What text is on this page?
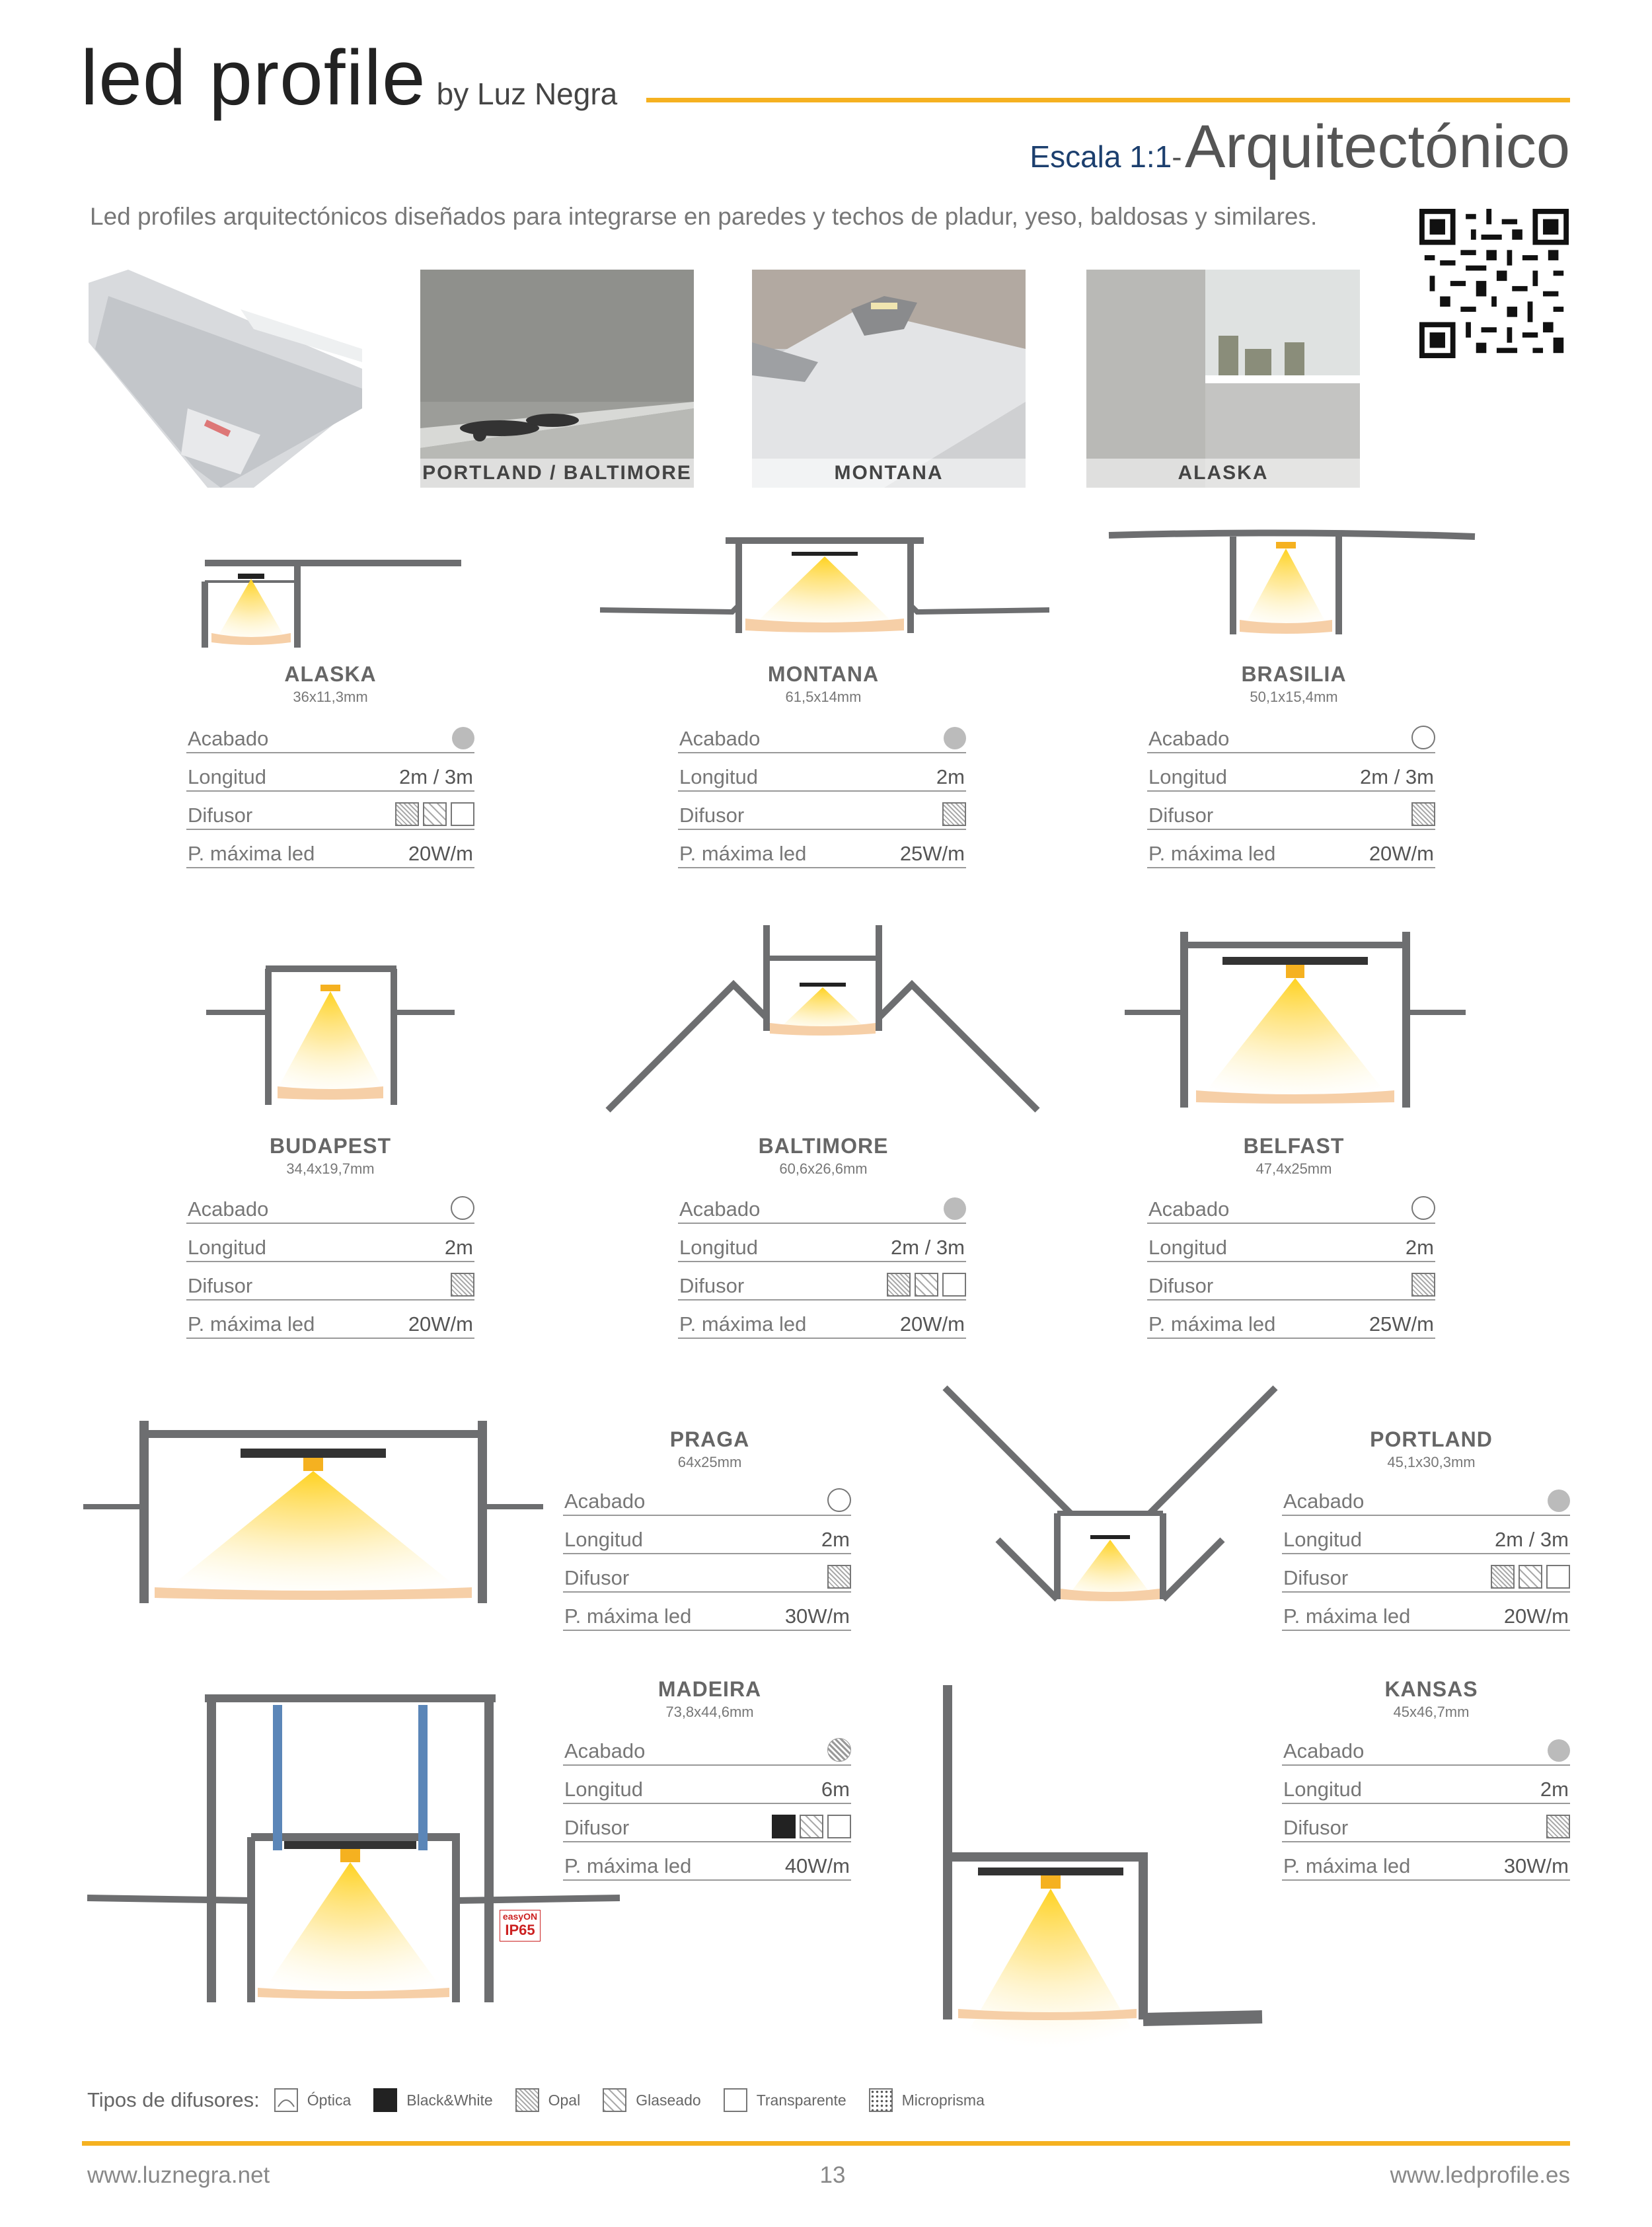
led profile by Luz Negra
Escala 1:1- Arquitectónico
Led profiles arquitectónicos diseñados para integrarse en paredes y techos de pladur, yeso, baldosas y similares.
PORTLAND / BALTIMORE	MONTANA	ALASKA
easyON
IP65
ALASKA
36x11,3mm
MONTANA
61,5x14mm
BRASILIA
50,1x15,4mm
BUDAPEST
34,4x19,7mm
BALTIMORE
60,6x26,6mm
BELFAST
47,4x25mm
PRAGA
64x25mm
PORTLAND
45,1x30,3mm
MADEIRA
73,8x44,6mm
KANSAS
45x46,7mm
Acabado
Longitud	2m / 3m
Difusor
P. máxima led	20W/m
Acabado
Longitud	2m
Difusor
P. máxima led	25W/m
Acabado
Longitud	2m / 3m
Difusor
P. máxima led	20W/m
Acabado
Longitud	2m
Difusor
P. máxima led	20W/m
Acabado
Longitud	2m / 3m
Difusor
P. máxima led	20W/m
Acabado
Longitud	2m
Difusor
P. máxima led	25W/m
Acabado
Longitud	2m
Difusor
P. máxima led	30W/m
Acabado
Longitud	2m / 3m
Difusor
P. máxima led	20W/m
Acabado
Longitud	6m
Difusor
P. máxima led	40W/m
Acabado
Longitud	2m
Difusor
P. máxima led	30W/m
Tipos de difusores:	Óptica	Black&White	Opal	Glaseado	Transparente	Microprisma
www.luznegra.net	13	www.ledprofile.es
